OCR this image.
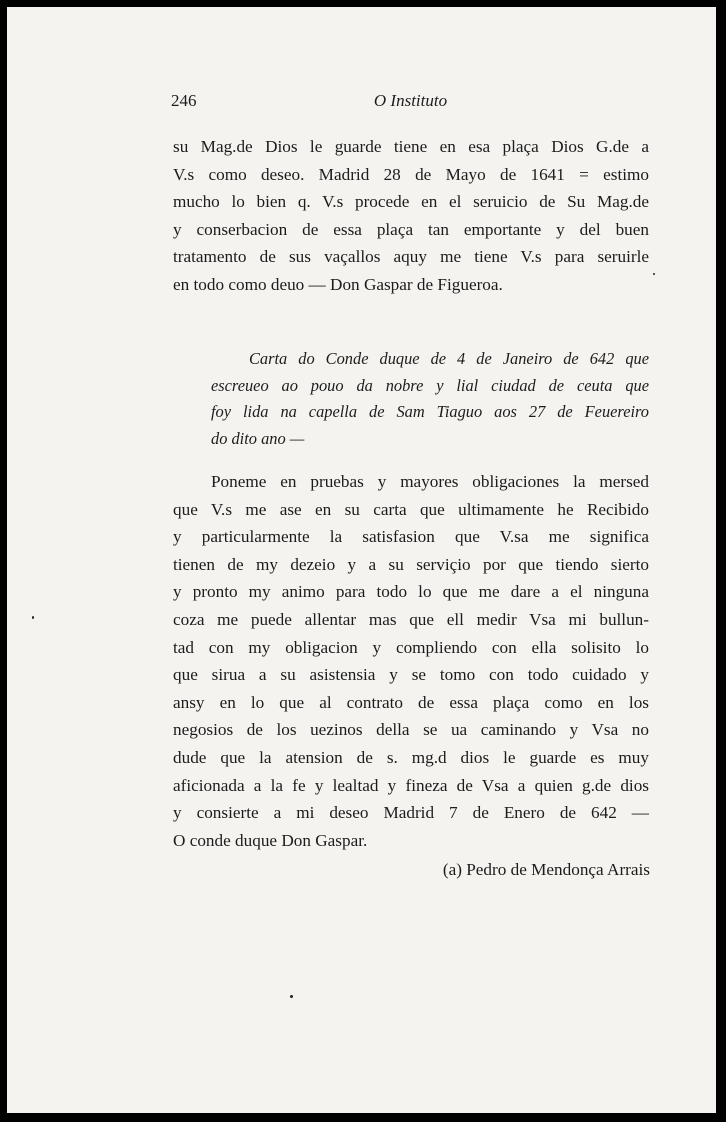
246	O Instituto
su Mag.de Dios le guarde tiene en esa plaça Dios G.de a
V.s como deseo. Madrid 28 de Mayo de 1641 = estimo
mucho lo bien q. V.s procede en el seruicio de Su Mag.de
y conserbacion de essa plaça tan emportante y del buen
tratamento de sus vaçallos aquy me tiene V.s para seruirle
en todo como deuo — Don Gaspar de Figueroa.
Carta do Conde duque de 4 de Janeiro de 642 que
escreueo ao pouo da nobre y lial ciudad de ceuta que
foy lida na capella de Sam Tiaguo aos 27 de Feuereiro
do dito ano —
Poneme en pruebas y mayores obligaciones la mersed
que V.s me ase en su carta que ultimamente he Recibido
y particularmente la satisfasion que V.sa me significa
tienen de my dezeio y a su serviçio por que tiendo sierto
y pronto my animo para todo lo que me dare a el ninguna
coza me puede allentar mas que ell medir Vsa mi bullun-
tad con my obligacion y compliendo con ella solisito lo
que sirua a su asistensia y se tomo con todo cuidado y
ansy en lo que al contrato de essa plaça como en los
negosios de los uezinos della se ua caminando y Vsa no
dude que la atension de s. mg.d dios le guarde es muy
aficionada a la fe y lealtad y fineza de Vsa a quien g.de dios
y consierte a mi deseo Madrid 7 de Enero de 642 —
O conde duque Don Gaspar.
(a) Pedro de Mendonça Arrais
